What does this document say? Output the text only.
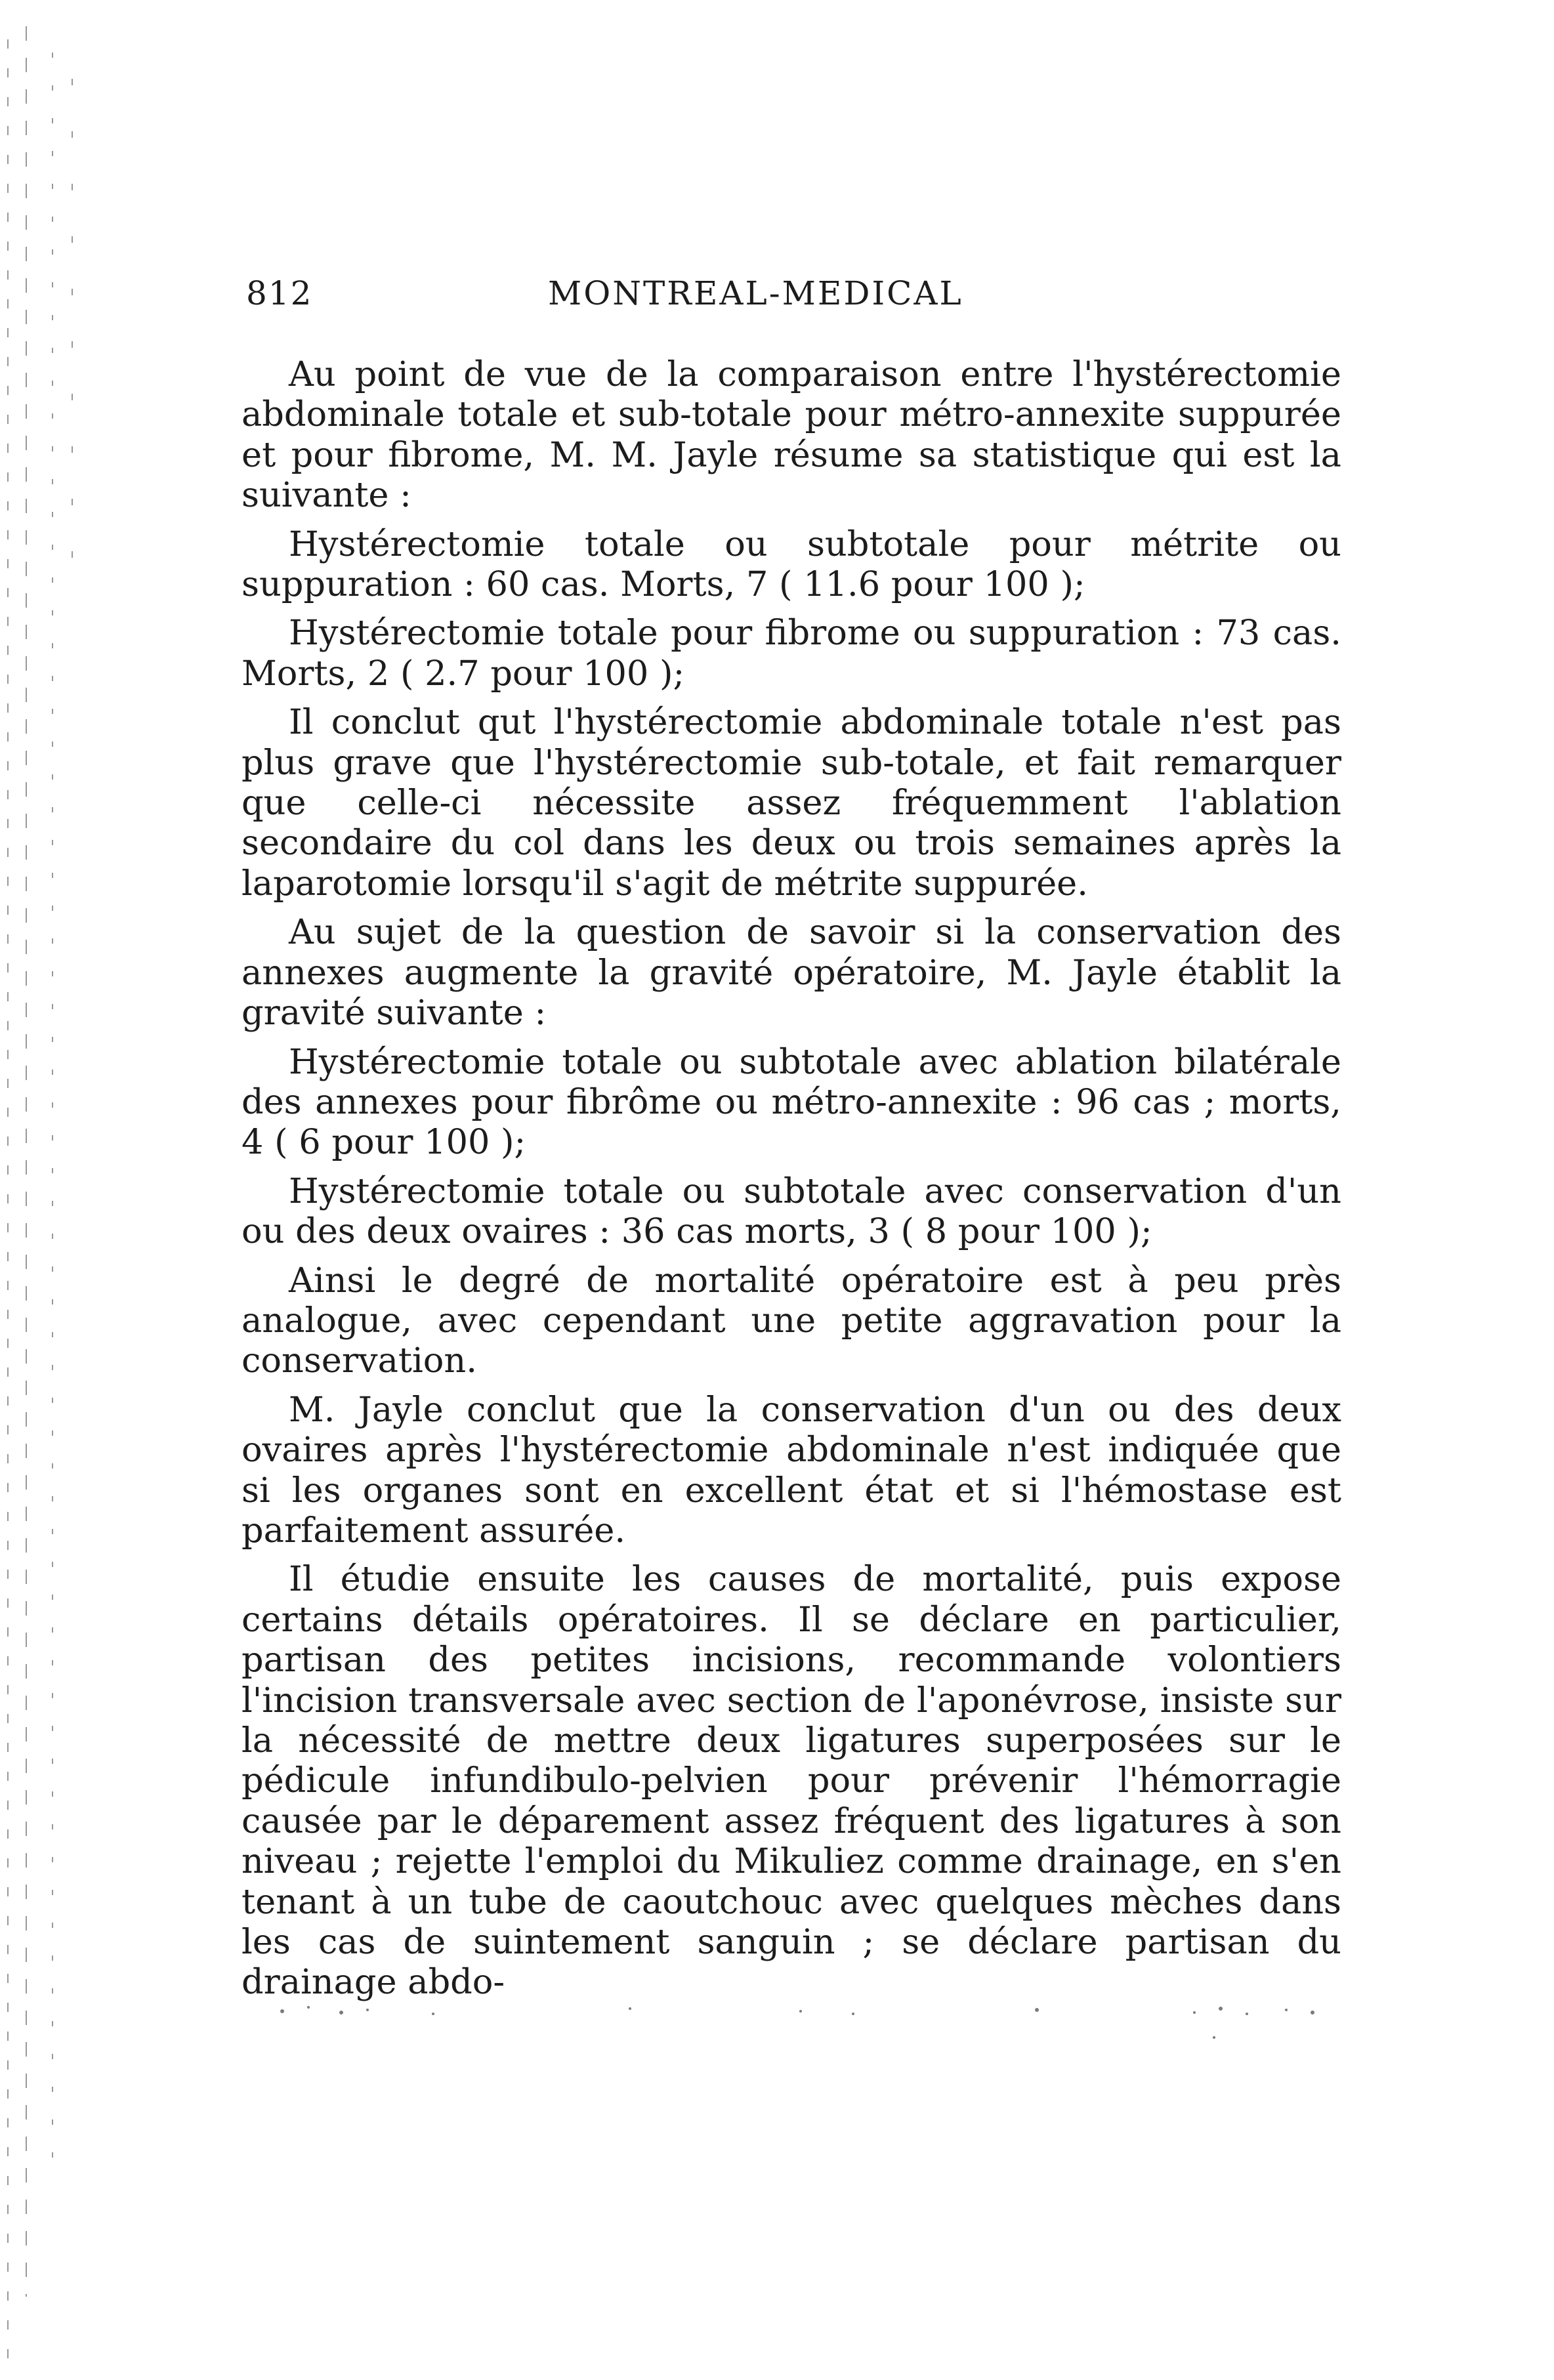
812	MONTREAL-MEDICAL

Au point de vue de la comparaison entre l'hystérectomie abdominale totale et sub-totale pour métro-annexite suppurée et pour fibrome, M. M. Jayle résume sa statistique qui est la suivante :

Hystérectomie totale ou subtotale pour métrite ou suppuration : 60 cas. Morts, 7 ( 11.6 pour 100 );

Hystérectomie totale pour fibrome ou suppuration : 73 cas. Morts, 2 ( 2.7 pour 100 );

Il conclut qut l'hystérectomie abdominale totale n'est pas plus grave que l'hystérectomie sub-totale, et fait remarquer que celle-ci nécessite assez fréquemment l'ablation secondaire du col dans les deux ou trois semaines après la laparotomie lorsqu'il s'agit de métrite suppurée.

Au sujet de la question de savoir si la conservation des annexes augmente la gravité opératoire, M. Jayle établit la gravité suivante :

Hystérectomie totale ou subtotale avec ablation bilatérale des annexes pour fibrôme ou métro-annexite : 96 cas ; morts, 4 ( 6 pour 100 );

Hystérectomie totale ou subtotale avec conservation d'un ou des deux ovaires : 36 cas morts, 3 ( 8 pour 100 );

Ainsi le degré de mortalité opératoire est à peu près analogue, avec cependant une petite aggravation pour la conservation.

M. Jayle conclut que la conservation d'un ou des deux ovaires après l'hystérectomie abdominale n'est indiquée que si les organes sont en excellent état et si l'hémostase est parfaitement assurée.

Il étudie ensuite les causes de mortalité, puis expose certains détails opératoires. Il se déclare en particulier, partisan des petites incisions, recommande volontiers l'incision transversale avec section de l'aponévrose, insiste sur la nécessité de mettre deux ligatures superposées sur le pédicule infundibulo-pelvien pour prévenir l'hémorragie causée par le déparement assez fréquent des ligatures à son niveau ; rejette l'emploi du Mikuliez comme drainage, en s'en tenant à un tube de caoutchouc avec quelques mèches dans les cas de suintement sanguin ; se déclare partisan du drainage abdo-
